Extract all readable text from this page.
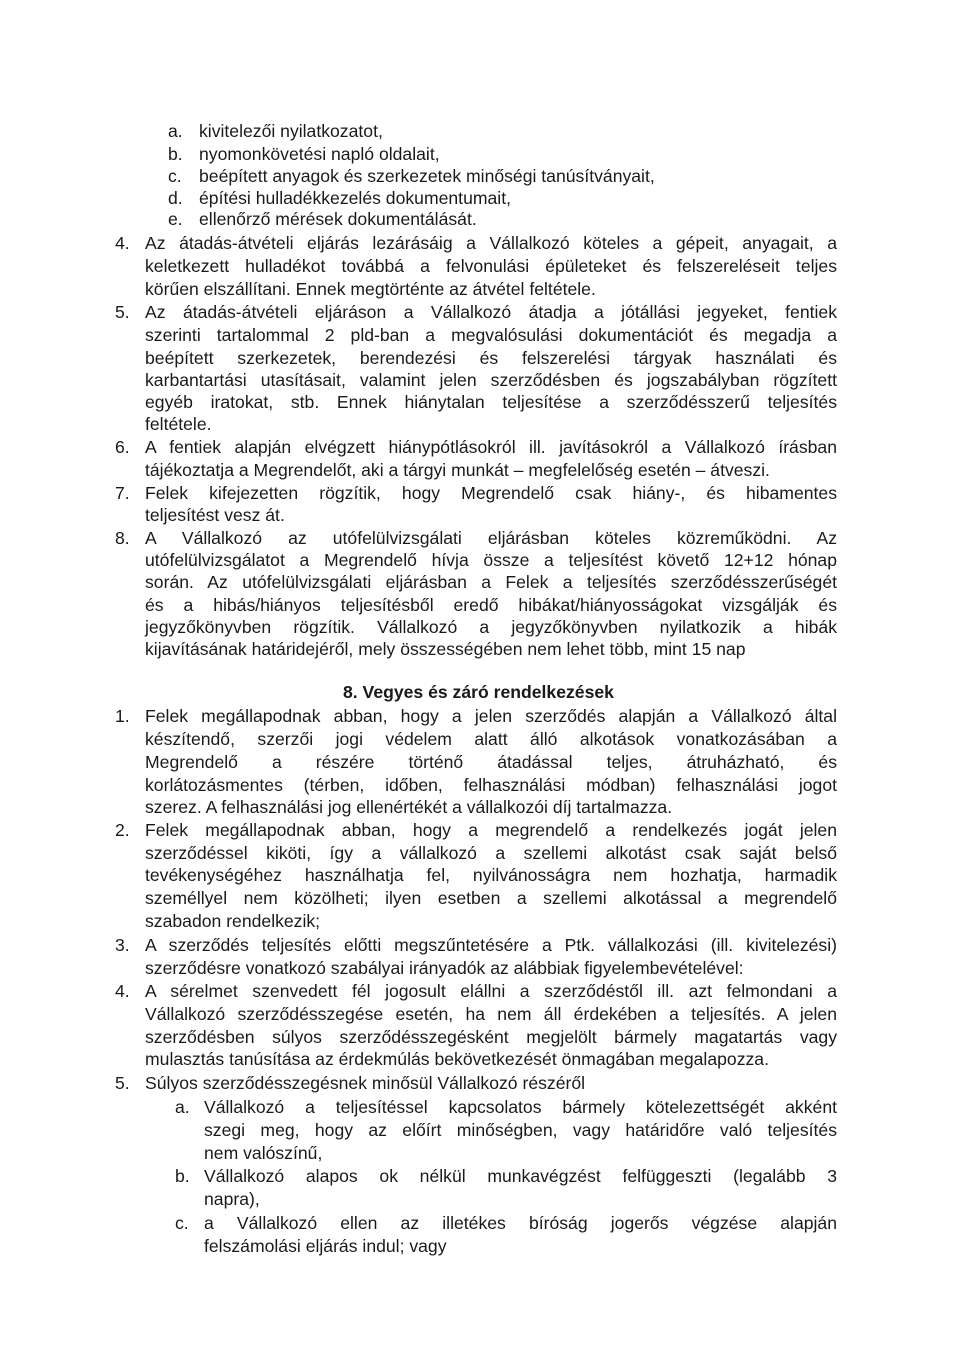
a. kivitelezői nyilatkozatot,
b. nyomonkövetési napló oldalait,
c. beépített anyagok és szerkezetek minőségi tanúsítványait,
d. építési hulladékkezelés dokumentumait,
e. ellenőrző mérések dokumentálását.
4. Az átadás-átvételi eljárás lezárásáig a Vállalkozó köteles a gépeit, anyagait, a
keletkezett hulladékot továbbá a felvonulási épületeket és felszereléseit teljes
körűen elszállítani. Ennek megtörténte az átvétel feltétele.
5. Az átadás-átvételi eljáráson a Vállalkozó átadja a jótállási jegyeket, fentiek
szerinti tartalommal 2 pld-ban a megvalósulási dokumentációt és megadja a
beépített szerkezetek, berendezési és felszerelési tárgyak használati és
karbantartási utasításait, valamint jelen szerződésben és jogszabályban rögzített
egyéb iratokat, stb. Ennek hiánytalan teljesítése a szerződésszerű teljesítés
feltétele.
6. A fentiek alapján elvégzett hiánypótlásokról ill. javításokról a Vállalkozó írásban
tájékoztatja a Megrendelőt, aki a tárgyi munkát – megfelelőség esetén – átveszi.
7. Felek kifejezetten rögzítik, hogy Megrendelő csak hiány-, és hibamentes
teljesítést vesz át.
8. A Vállalkozó az utófelülvizsgálati eljárásban köteles közreműködni. Az
utófelülvizsgálatot a Megrendelő hívja össze a teljesítést követő 12+12 hónap
során. Az utófelülvizsgálati eljárásban a Felek a teljesítés szerződésszerűségét
és a hibás/hiányos teljesítésből eredő hibákat/hiányosságokat vizsgálják és
jegyzőkönyvben rögzítik. Vállalkozó a jegyzőkönyvben nyilatkozik a hibák
kijavításának határidejéről, mely összességében nem lehet több, mint 15 nap
8. Vegyes és záró rendelkezések
1. Felek megállapodnak abban, hogy a jelen szerződés alapján a Vállalkozó által
készítendő, szerzői jogi védelem alatt álló alkotások vonatkozásában a
Megrendelő a részére történő átadással teljes, átruházható, és
korlátozásmentes (térben, időben, felhasználási módban) felhasználási jogot
szerez. A felhasználási jog ellenértékét a vállalkozói díj tartalmazza.
2. Felek megállapodnak abban, hogy a megrendelő a rendelkezés jogát jelen
szerződéssel kiköti, így a vállalkozó a szellemi alkotást csak saját belső
tevékenységéhez használhatja fel, nyilvánosságra nem hozhatja, harmadik
személlyel nem közölheti; ilyen esetben a szellemi alkotással a megrendelő
szabadon rendelkezik;
3. A szerződés teljesítés előtti megszűntetésére a Ptk. vállalkozási (ill. kivitelezési)
szerződésre vonatkozó szabályai irányadók az alábbiak figyelembevételével:
4. A sérelmet szenvedett fél jogosult elállni a szerződéstől ill. azt felmondani a
Vállalkozó szerződésszegése esetén, ha nem áll érdekében a teljesítés. A jelen
szerződésben súlyos szerződésszegésként megjelölt bármely magatartás vagy
mulasztás tanúsítása az érdekmúlás bekövetkezését önmagában megalapozza.
5. Súlyos szerződésszegésnek minősül Vállalkozó részéről
a. Vállalkozó a teljesítéssel kapcsolatos bármely kötelezettségét akként
szegi meg, hogy az előírt minőségben, vagy határidőre való teljesítés
nem valószínű,
b. Vállalkozó alapos ok nélkül munkavégzést felfüggeszti (legalább 3
napra),
c. a Vállalkozó ellen az illetékes bíróság jogerős végzése alapján
felszámolási eljárás indul; vagy
